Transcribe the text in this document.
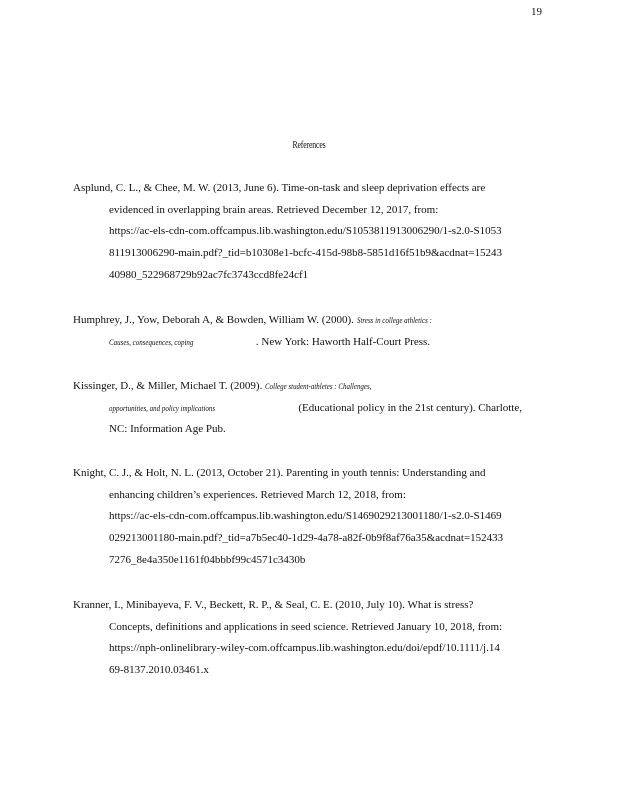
19
References
Asplund, C. L., & Chee, M. W. (2013, June 6). Time-on-task and sleep deprivation effects are
evidenced in overlapping brain areas. Retrieved December 12, 2017, from:
https://ac-els-cdn-com.offcampus.lib.washington.edu/S1053811913006290/1-s2.0-S1053
811913006290-main.pdf?_tid=b10308e1-bcfc-415d-98b8-5851d16f51b9&acdnat=15243
40980_522968729b92ac7fc3743ccd8fe24cf1
Humphrey, J., Yow, Deborah A, & Bowden, William W. (2000). Stress in college athletics :
Causes, consequences, coping	. New York: Haworth Half-Court Press.
Kissinger, D., & Miller, Michael T. (2009). College student-athletes : Challenges,
opportunities, and policy implications	(Educational policy in the 21st century). Charlotte,
NC: Information Age Pub.
Knight, C. J., & Holt, N. L. (2013, October 21). Parenting in youth tennis: Understanding and
enhancing children’s experiences. Retrieved March 12, 2018, from:
https://ac-els-cdn-com.offcampus.lib.washington.edu/S1469029213001180/1-s2.0-S1469
029213001180-main.pdf?_tid=a7b5ec40-1d29-4a78-a82f-0b9f8af76a35&acdnat=152433
7276_8e4a350e1161f04bbbf99c4571c3430b
Kranner, I., Minibayeva, F. V., Beckett, R. P., & Seal, C. E. (2010, July 10). What is stress?
Concepts, definitions and applications in seed science. Retrieved January 10, 2018, from:
https://nph-onlinelibrary-wiley-com.offcampus.lib.washington.edu/doi/epdf/10.1111/j.14
69-8137.2010.03461.x
